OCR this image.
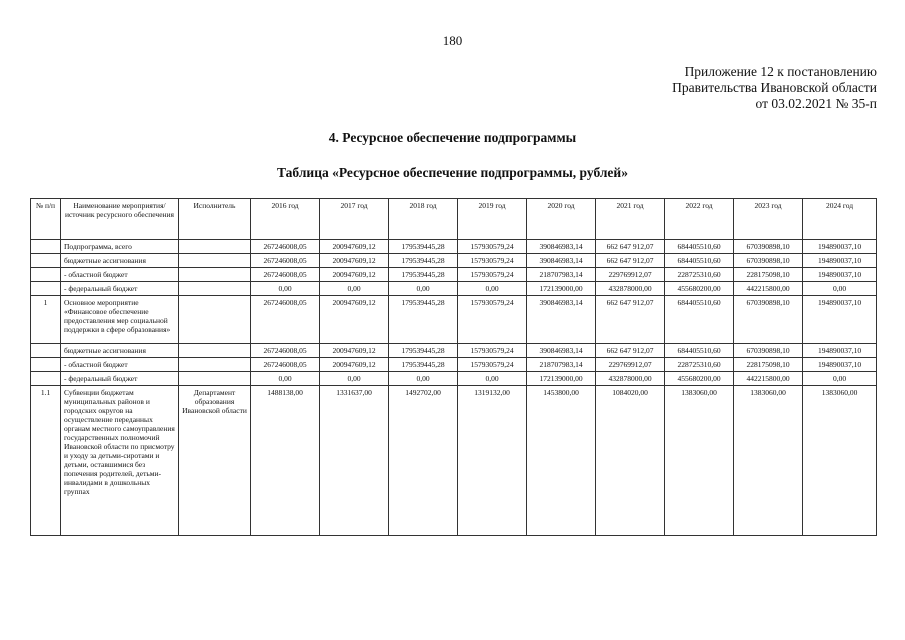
180
Приложение 12 к постановлению
Правительства Ивановской области
от 03.02.2021 № 35-п
4. Ресурсное обеспечение подпрограммы
Таблица «Ресурсное обеспечение подпрограммы, рублей»
№ п/п	Наименование мероприятия/источник ресурсного обеспечения	Исполнитель	2016 год	2017 год	2018 год	2019 год	2020 год	2021 год	2022 год	2023 год	2024 год
	Подпрограмма, всего		267246008,05	200947609,12	179539445,28	157930579,24	390846983,14	662 647 912,07	684405510,60	670390898,10	194890037,10
	бюджетные ассигнования		267246008,05	200947609,12	179539445,28	157930579,24	390846983,14	662 647 912,07	684405510,60	670390898,10	194890037,10
	- областной бюджет		267246008,05	200947609,12	179539445,28	157930579,24	218707983,14	229769912,07	228725310,60	228175098,10	194890037,10
	- федеральный бюджет		0,00	0,00	0,00	0,00	172139000,00	432878000,00	455680200,00	442215800,00	0,00
1	Основное мероприятие «Финансовое обеспечение предоставления мер социальной поддержки в сфере образования»		267246008,05	200947609,12	179539445,28	157930579,24	390846983,14	662 647 912,07	684405510,60	670390898,10	194890037,10
	бюджетные ассигнования		267246008,05	200947609,12	179539445,28	157930579,24	390846983,14	662 647 912,07	684405510,60	670390898,10	194890037,10
	- областной бюджет		267246008,05	200947609,12	179539445,28	157930579,24	218707983,14	229769912,07	228725310,60	228175098,10	194890037,10
	- федеральный бюджет		0,00	0,00	0,00	0,00	172139000,00	432878000,00	455680200,00	442215800,00	0,00
1.1	Субвенции бюджетам муниципальных районов и городских округов на осуществление переданных органам местного самоуправления государственных полномочий Ивановской области по присмотру и уходу за детьми-сиротами и детьми, оставшимися без попечения родителей, детьми-инвалидами в дошкольных группах	Департамент образования Ивановской области	1488138,00	1331637,00	1492702,00	1319132,00	1453800,00	1084020,00	1383060,00	1383060,00	1383060,00
